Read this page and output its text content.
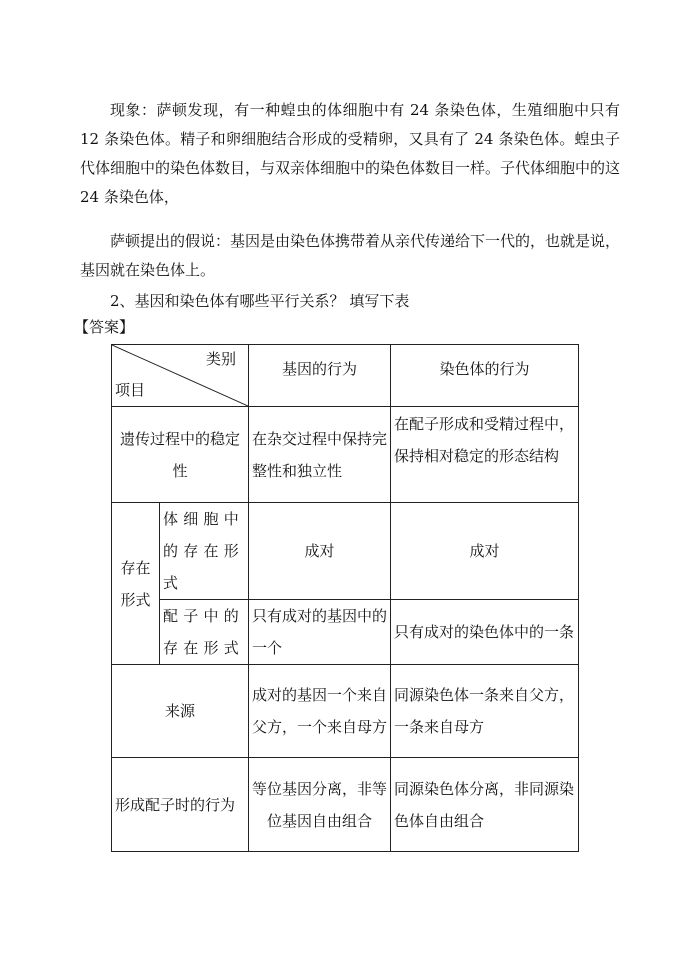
现象：萨顿发现，有一种蝗虫的体细胞中有 24 条染色体，生殖细胞中只有 12 条染色体。精子和卵细胞结合形成的受精卵，又具有了 24 条染色体。蝗虫子代体细胞中的染色体数目，与双亲体细胞中的染色体数目一样。子代体细胞中的这 24 条染色体，

萨顿提出的假说：基因是由染色体携带着从亲代传递给下一代的，也就是说，基因就在染色体上。

2、基因和染色体有哪些平行关系？ 填写下表

【答案】
类别
项目		基因的行为	染色体的行为
遗传过程中的稳定性		在杂交过程中保持完整性和独立性	在配子形成和受精过程中，保持相对稳定的形态结构
存在形式	体细胞中的存在形式	成对	成对
	配子中的存在形式	只有成对的基因中的一个	只有成对的染色体中的一条
来源		成对的基因一个来自父方，一个来自母方	同源染色体一条来自父方，一条来自母方
形成配子时的行为		等位基因分离，非等位基因自由组合	同源染色体分离，非同源染色体自由组合
